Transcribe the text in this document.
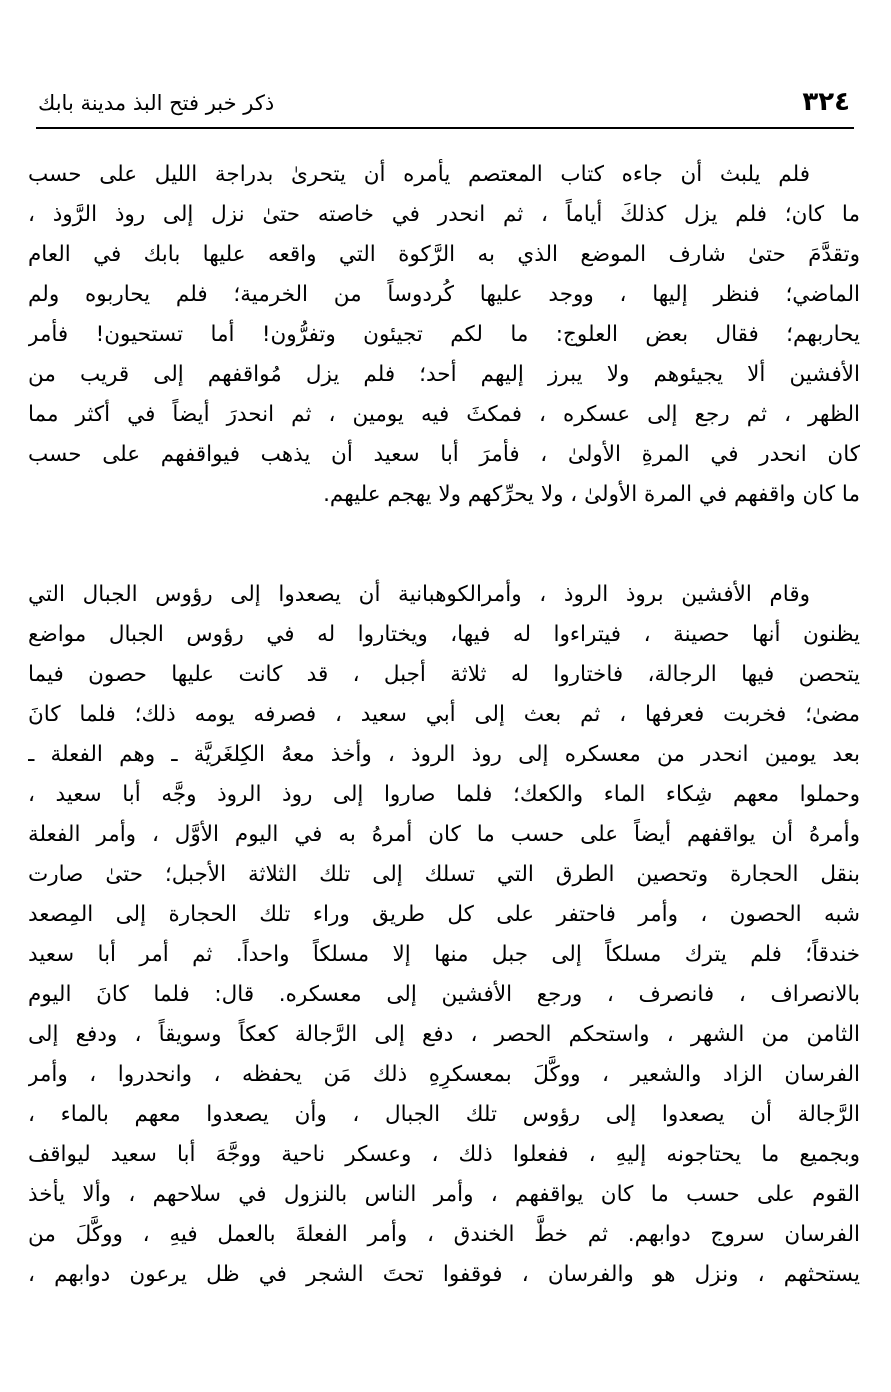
٣٢٤
ذكر خبر فتح البذ مدينة بابك
فلم يلبث أن جاءه كتاب المعتصم يأمره أن يتحرىٰ بدراجة الليل على حسب
ما كان؛ فلم يزل كذلكَ أياماً ، ثم انحدر في خاصته حتىٰ نزل إلى روذ الرَّوذ ،
وتقدَّمَ حتىٰ شارف الموضع الذي به الرَّكوة التي واقعه عليها بابك في العام
الماضي؛ فنظر إليها ، ووجد عليها كُردوساً من الخرمية؛ فلم يحاربوه ولم
يحاربهم؛ فقال بعض العلوج: ما لكم تجيئون وتفرُّون! أما تستحيون! فأمر
الأفشين ألا يجيئوهم ولا يبرز إليهم أحد؛ فلم يزل مُواقفهم إلى قريب من
الظهر ، ثم رجع إلى عسكره ، فمكثَ فيه يومين ، ثم انحدرَ أيضاً في أكثر مما
كان انحدر في المرةِ الأولىٰ ، فأمرَ أبا سعيد أن يذهب فيواقفهم على حسب
ما كان واقفهم في المرة الأولىٰ ، ولا يحرِّكهم ولا يهجم عليهم.
وقام الأفشين بروذ الروذ ، وأمرالكوهبانية أن يصعدوا إلى رؤوس الجبال التي
يظنون أنها حصينة ، فيتراءوا له فيها، ويختاروا له في رؤوس الجبال مواضع
يتحصن فيها الرجالة، فاختاروا له ثلاثة أجبل ، قد كانت عليها حصون فيما
مضىٰ؛ فخربت فعرفها ، ثم بعث إلى أبي سعيد ، فصرفه يومه ذلك؛ فلما كانَ
بعد يومين انحدر من معسكره إلى روذ الروذ ، وأخذ معهُ الكِلغَريَّة ـ وهم الفعلة ـ
وحملوا معهم شِكاء الماء والكعك؛ فلما صاروا إلى روذ الروذ وجَّه أبا سعيد ،
وأمرهُ أن يواقفهم أيضاً على حسب ما كان أمرهُ به في اليوم الأوَّل ، وأمر الفعلة
بنقل الحجارة وتحصين الطرق التي تسلك إلى تلك الثلاثة الأجبل؛ حتىٰ صارت
شبه الحصون ، وأمر فاحتفر على كل طريق وراء تلك الحجارة إلى المِصعد
خندقاً؛ فلم يترك مسلكاً إلى جبل منها إلا مسلكاً واحداً. ثم أمر أبا سعيد
بالانصراف ، فانصرف ، ورجع الأفشين إلى معسكره. قال: فلما كانَ اليوم
الثامن من الشهر ، واستحكم الحصر ، دفع إلى الرَّجالة كعكاً وسويقاً ، ودفع إلى
الفرسان الزاد والشعير ، ووكَّلَ بمعسكرِهِ ذلك مَن يحفظه ، وانحدروا ، وأمر
الرَّجالة أن يصعدوا إلى رؤوس تلك الجبال ، وأن يصعدوا معهم بالماء ،
وبجميع ما يحتاجونه إليهِ ، ففعلوا ذلك ، وعسكر ناحية ووجَّهَ أبا سعيد ليواقف
القوم على حسب ما كان يواقفهم ، وأمر الناس بالنزول في سلاحهم ، وألا يأخذ
الفرسان سروج دوابهم. ثم خطَّ الخندق ، وأمر الفعلةَ بالعمل فيهِ ، ووكَّلَ من
يستحثهم ، ونزل هو والفرسان ، فوقفوا تحتَ الشجر في ظل يرعون دوابهم ،
